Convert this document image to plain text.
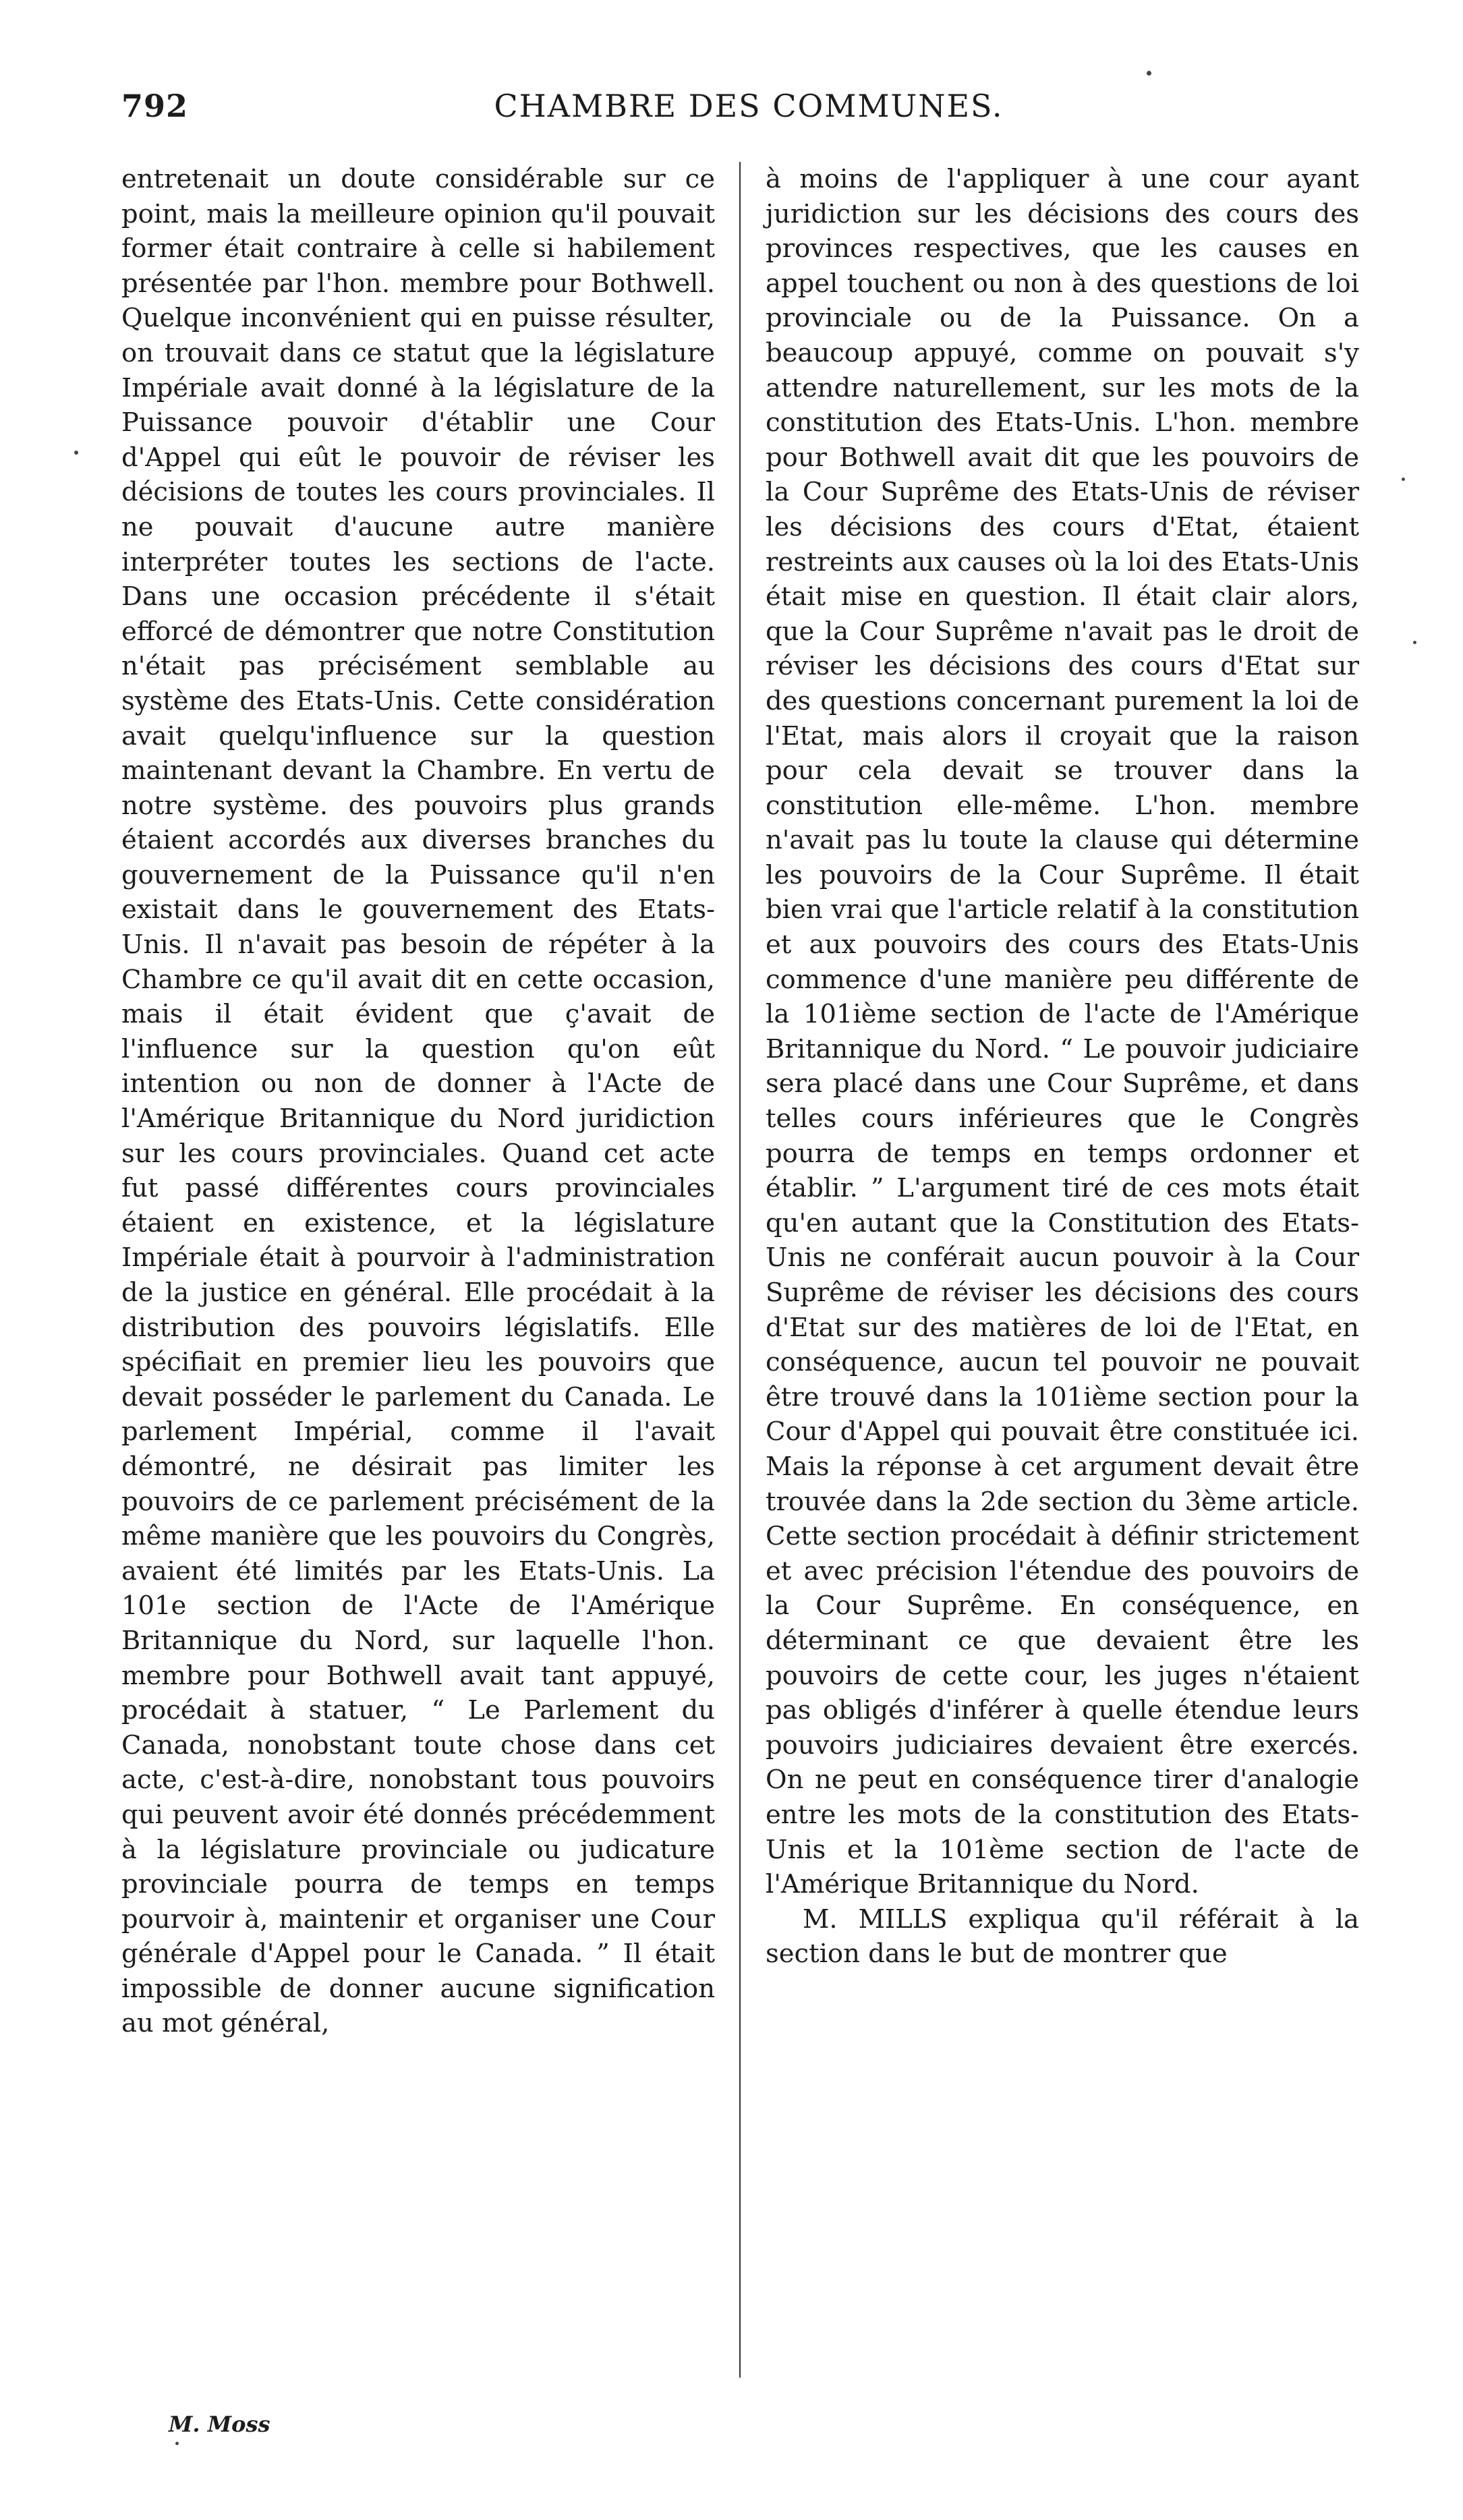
792	CHAMBRE DES COMMUNES.

entretenait un doute considérable sur ce point, mais la meilleure opinion qu'il pouvait former était contraire à celle si habilement présentée par l'hon. membre pour Bothwell. Quelque inconvénient qui en puisse résulter, on trouvait dans ce statut que la législature Impériale avait donné à la législature de la Puissance pouvoir d'établir une Cour d'Appel qui eût le pouvoir de réviser les décisions de toutes les cours provinciales. Il ne pouvait d'aucune autre manière interpréter toutes les sections de l'acte. Dans une occasion précédente il s'était efforcé de démontrer que notre Constitution n'était pas précisément semblable au système des Etats-Unis. Cette considération avait quelqu'influence sur la question maintenant devant la Chambre. En vertu de notre système. des pouvoirs plus grands étaient accordés aux diverses branches du gouvernement de la Puissance qu'il n'en existait dans le gouvernement des Etats-Unis. Il n'avait pas besoin de répéter à la Chambre ce qu'il avait dit en cette occasion, mais il était évident que ç'avait de l'influence sur la question qu'on eût intention ou non de donner à l'Acte de l'Amérique Britannique du Nord juridiction sur les cours provinciales. Quand cet acte fut passé différentes cours provinciales étaient en existence, et la législature Impériale était à pourvoir à l'administration de la justice en général. Elle procédait à la distribution des pouvoirs législatifs. Elle spécifiait en premier lieu les pouvoirs que devait posséder le parlement du Canada. Le parlement Impérial, comme il l'avait démontré, ne désirait pas limiter les pouvoirs de ce parlement précisément de la même manière que les pouvoirs du Congrès, avaient été limités par les Etats-Unis. La 101e section de l'Acte de l'Amérique Britannique du Nord, sur laquelle l'hon. membre pour Bothwell avait tant appuyé, procédait à statuer, “ Le Parlement du Canada, nonobstant toute chose dans cet acte, c'est-à-dire, nonobstant tous pouvoirs qui peuvent avoir été donnés précédemment à la législature provinciale ou judicature provinciale pourra de temps en temps pourvoir à, maintenir et organiser une Cour générale d'Appel pour le Canada. ” Il était impossible de donner aucune signification au mot général,

à moins de l'appliquer à une cour ayant juridiction sur les décisions des cours des provinces respectives, que les causes en appel touchent ou non à des questions de loi provinciale ou de la Puissance. On a beaucoup appuyé, comme on pouvait s'y attendre naturellement, sur les mots de la constitution des Etats-Unis. L'hon. membre pour Bothwell avait dit que les pouvoirs de la Cour Suprême des Etats-Unis de réviser les décisions des cours d'Etat, étaient restreints aux causes où la loi des Etats-Unis était mise en question. Il était clair alors, que la Cour Suprême n'avait pas le droit de réviser les décisions des cours d'Etat sur des questions concernant purement la loi de l'Etat, mais alors il croyait que la raison pour cela devait se trouver dans la constitution elle-même. L'hon. membre n'avait pas lu toute la clause qui détermine les pouvoirs de la Cour Suprême. Il était bien vrai que l'article relatif à la constitution et aux pouvoirs des cours des Etats-Unis commence d'une manière peu différente de la 101ième section de l'acte de l'Amérique Britannique du Nord. “ Le pouvoir judiciaire sera placé dans une Cour Suprême, et dans telles cours inférieures que le Congrès pourra de temps en temps ordonner et établir. ” L'argument tiré de ces mots était qu'en autant que la Constitution des Etats-Unis ne conférait aucun pouvoir à la Cour Suprême de réviser les décisions des cours d'Etat sur des matières de loi de l'Etat, en conséquence, aucun tel pouvoir ne pouvait être trouvé dans la 101ième section pour la Cour d'Appel qui pouvait être constituée ici. Mais la réponse à cet argument devait être trouvée dans la 2de section du 3ème article. Cette section procédait à définir strictement et avec précision l'étendue des pouvoirs de la Cour Suprême. En conséquence, en déterminant ce que devaient être les pouvoirs de cette cour, les juges n'étaient pas obligés d'inférer à quelle étendue leurs pouvoirs judiciaires devaient être exercés. On ne peut en conséquence tirer d'analogie entre les mots de la constitution des Etats-Unis et la 101ème section de l'acte de l'Amérique Britannique du Nord.

M. MILLS expliqua qu'il référait à la section dans le but de montrer que

M. Moss
